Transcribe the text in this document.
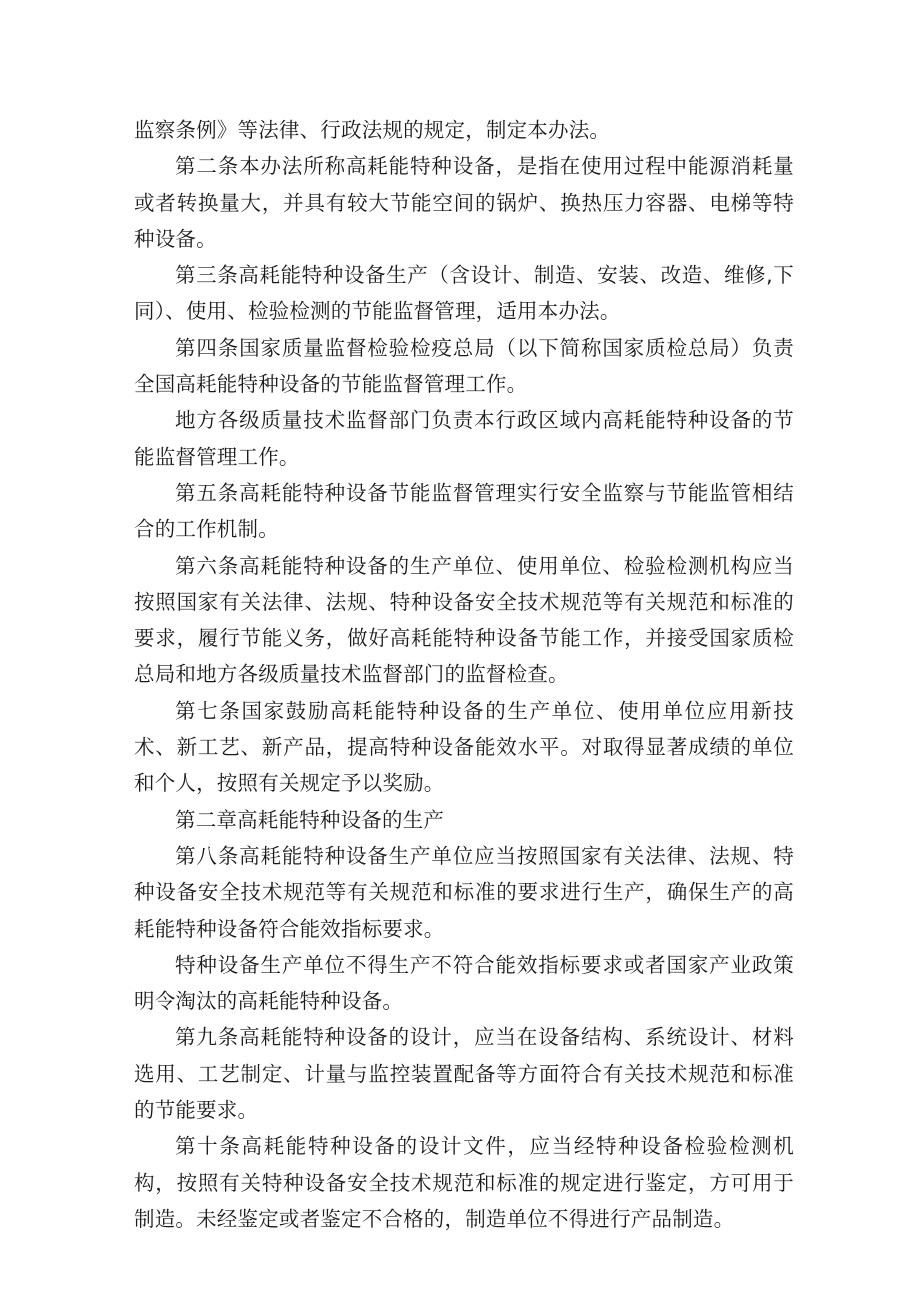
监察条例》等法律、行政法规的规定，制定本办法。

第二条本办法所称高耗能特种设备，是指在使用过程中能源消耗量或者转换量大，并具有较大节能空间的锅炉、换热压力容器、电梯等特种设备。

第三条高耗能特种设备生产（含设计、制造、安装、改造、维修,下同）、使用、检验检测的节能监督管理，适用本办法。

第四条国家质量监督检验检疫总局（以下简称国家质检总局）负责全国高耗能特种设备的节能监督管理工作。

地方各级质量技术监督部门负责本行政区域内高耗能特种设备的节能监督管理工作。

第五条高耗能特种设备节能监督管理实行安全监察与节能监管相结合的工作机制。

第六条高耗能特种设备的生产单位、使用单位、检验检测机构应当按照国家有关法律、法规、特种设备安全技术规范等有关规范和标准的要求，履行节能义务，做好高耗能特种设备节能工作，并接受国家质检总局和地方各级质量技术监督部门的监督检查。

第七条国家鼓励高耗能特种设备的生产单位、使用单位应用新技术、新工艺、新产品，提高特种设备能效水平。对取得显著成绩的单位和个人，按照有关规定予以奖励。

第二章高耗能特种设备的生产

第八条高耗能特种设备生产单位应当按照国家有关法律、法规、特种设备安全技术规范等有关规范和标准的要求进行生产，确保生产的高耗能特种设备符合能效指标要求。

特种设备生产单位不得生产不符合能效指标要求或者国家产业政策明令淘汰的高耗能特种设备。

第九条高耗能特种设备的设计，应当在设备结构、系统设计、材料选用、工艺制定、计量与监控装置配备等方面符合有关技术规范和标准的节能要求。

第十条高耗能特种设备的设计文件，应当经特种设备检验检测机构，按照有关特种设备安全技术规范和标准的规定进行鉴定，方可用于制造。未经鉴定或者鉴定不合格的，制造单位不得进行产品制造。
